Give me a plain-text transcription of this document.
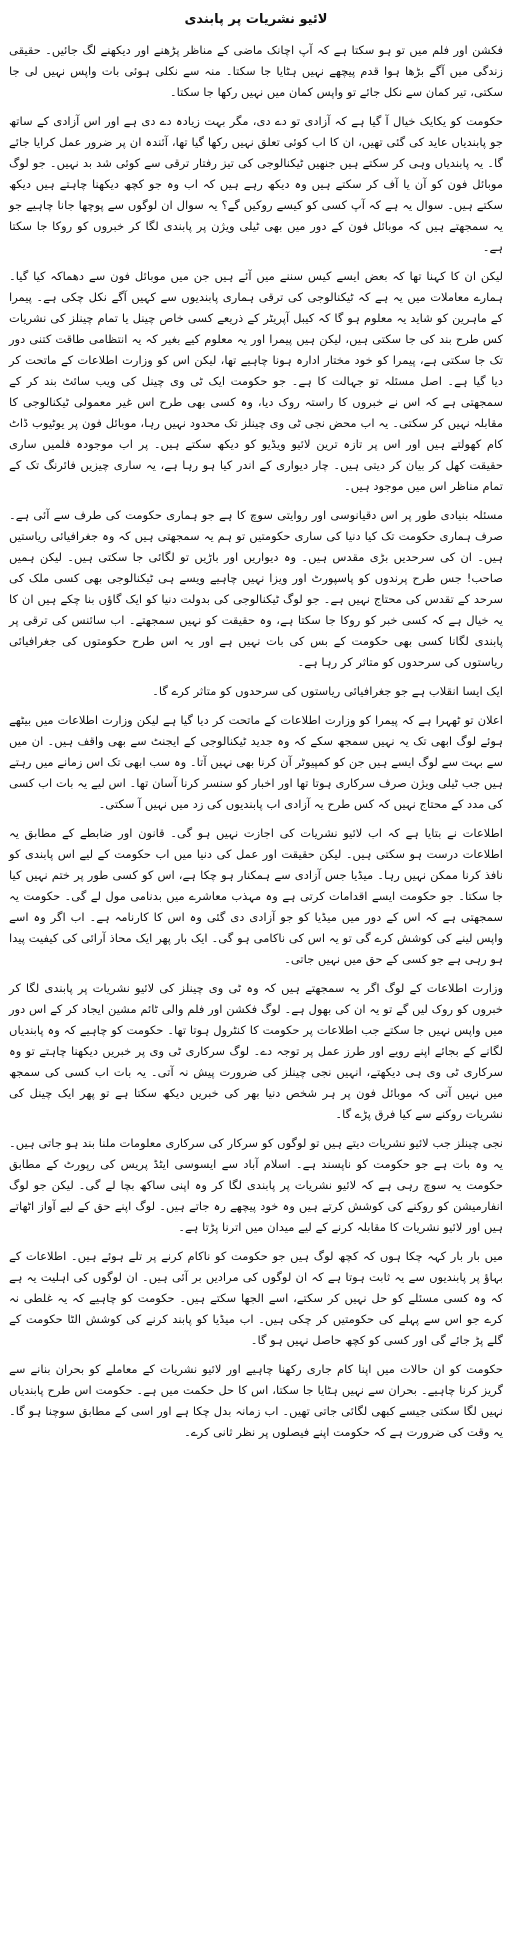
لائیو نشریات پر پابندی

فکشن اور فلم میں تو ہو سکتا ہے کہ آپ اچانک ماضی کے مناظر پڑھنے اور دیکھنے لگ جائیں۔ حقیقی زندگی میں آگے بڑھا ہوا قدم پیچھے نہیں ہٹایا جا سکتا۔ منہ سے نکلی ہوئی بات واپس نہیں لی جا سکتی، تیر کمان سے نکل جائے تو واپس کمان میں نہیں رکھا جا سکتا۔

حکومت کو یکایک خیال آ گیا ہے کہ آزادی تو دے دی، مگر بہت زیادہ دے دی ہے اور اس آزادی کے ساتھ جو پابندیاں عاید کی گئی تھیں، ان کا اب کوئی تعلق نہیں رکھا گیا تھا، آئندہ ان پر ضرور عمل کرایا جائے گا۔ یہ پابندیاں وہی کر سکتے ہیں جنھیں ٹیکنالوجی کی تیز رفتار ترقی سے کوئی شد بد نہیں۔ جو لوگ موبائل فون کو آن یا آف کر سکتے ہیں وہ دیکھ رہے ہیں کہ اب وہ جو کچھ دیکھنا چاہتے ہیں دیکھ سکتے ہیں۔ سوال یہ ہے کہ آپ کسی کو کیسے روکیں گے؟ یہ سوال ان لوگوں سے پوچھا جانا چاہیے جو یہ سمجھتے ہیں کہ موبائل فون کے دور میں بھی ٹیلی ویژن پر پابندی لگا کر خبروں کو روکا جا سکتا ہے۔

لیکن ان کا کہنا تھا کہ بعض ایسے کیس سننے میں آئے ہیں جن میں موبائل فون سے دھماکہ کیا گیا۔ ہمارے معاملات میں یہ ہے کہ ٹیکنالوجی کی ترقی ہماری پابندیوں سے کہیں آگے نکل چکی ہے۔ پیمرا کے ماہرین کو شاید یہ معلوم ہو گا کہ کیبل آپریٹر کے ذریعے کسی خاص چینل یا تمام چینلز کی نشریات کس طرح بند کی جا سکتی ہیں، لیکن ہیں پیمرا اور یہ معلوم کیے بغیر کہ یہ انتظامی طاقت کتنی دور تک جا سکتی ہے، پیمرا کو خود مختار ادارہ ہونا چاہیے تھا، لیکن اس کو وزارت اطلاعات کے ماتحت کر دیا گیا ہے۔ اصل مسئلہ تو جہالت کا ہے۔ جو حکومت ایک ٹی وی چینل کی ویب سائٹ بند کر کے سمجھتی ہے کہ اس نے خبروں کا راستہ روک دیا، وہ کسی بھی طرح اس غیر معمولی ٹیکنالوجی کا مقابلہ نہیں کر سکتی۔ یہ اب محض نجی ٹی وی چینلز تک محدود نہیں رہا، موبائل فون پر یوٹیوب ڈاٹ کام کھولتے ہیں اور اس پر تازہ ترین لائیو ویڈیو کو دیکھ سکتے ہیں۔ پر اب موجودہ فلمیں ساری حقیقت کھل کر بیان کر دیتی ہیں۔ چار دیواری کے اندر کیا ہو رہا ہے، یہ ساری چیزیں فائرنگ تک کے تمام مناظر اس میں موجود ہیں۔

مسئلہ بنیادی طور پر اس دقیانوسی اور روایتی سوچ کا ہے جو ہماری حکومت کی طرف سے آئی ہے۔ صرف ہماری حکومت تک کیا دنیا کی ساری حکومتیں تو ہم یہ سمجھتی ہیں کہ وہ جغرافیائی ریاستیں ہیں۔ ان کی سرحدیں بڑی مقدس ہیں۔ وہ دیواریں اور باڑیں تو لگائی جا سکتی ہیں۔ لیکن ہمیں صاحب! جس طرح پرندوں کو پاسپورٹ اور ویزا نہیں چاہیے ویسے ہی ٹیکنالوجی بھی کسی ملک کی سرحد کے تقدس کی محتاج نہیں ہے۔ جو لوگ ٹیکنالوجی کی بدولت دنیا کو ایک گاؤں بنا چکے ہیں ان کا یہ خیال ہے کہ کسی خبر کو روکا جا سکتا ہے، وہ حقیقت کو نہیں سمجھتے۔ اب سائنس کی ترقی پر پابندی لگانا کسی بھی حکومت کے بس کی بات نہیں ہے اور یہ اس طرح حکومتوں کی جغرافیائی ریاستوں کی سرحدوں کو متاثر کر رہا ہے۔

ایک ایسا انقلاب ہے جو جغرافیائی ریاستوں کی سرحدوں کو متاثر کرے گا۔

اعلان تو ٹھہرا ہے کہ پیمرا کو وزارت اطلاعات کے ماتحت کر دیا گیا ہے لیکن وزارت اطلاعات میں بیٹھے ہوئے لوگ ابھی تک یہ نہیں سمجھ سکے کہ وہ جدید ٹیکنالوجی کے ایجنٹ سے بھی واقف ہیں۔ ان میں سے بہت سے لوگ ایسے ہیں جن کو کمپیوٹر آن کرنا بھی نہیں آتا۔ وہ سب ابھی تک اس زمانے میں رہتے ہیں جب ٹیلی ویژن صرف سرکاری ہوتا تھا اور اخبار کو سنسر کرنا آسان تھا۔ اس لیے یہ بات اب کسی کی مدد کے محتاج نہیں کہ کس طرح یہ آزادی اب پابندیوں کی زد میں نہیں آ سکتی۔

اطلاعات نے بتایا ہے کہ اب لائیو نشریات کی اجازت نہیں ہو گی۔ قانون اور ضابطے کے مطابق یہ اطلاعات درست ہو سکتی ہیں۔ لیکن حقیقت اور عمل کی دنیا میں اب حکومت کے لیے اس پابندی کو نافذ کرنا ممکن نہیں رہا۔ میڈیا جس آزادی سے ہمکنار ہو چکا ہے، اس کو کسی طور پر ختم نہیں کیا جا سکتا۔ جو حکومت ایسے اقدامات کرتی ہے وہ مہذب معاشرے میں بدنامی مول لے گی۔ حکومت یہ سمجھتی ہے کہ اس کے دور میں میڈیا کو جو آزادی دی گئی وہ اس کا کارنامہ ہے۔ اب اگر وہ اسے واپس لینے کی کوشش کرے گی تو یہ اس کی ناکامی ہو گی۔ ایک بار پھر ایک محاذ آرائی کی کیفیت پیدا ہو رہی ہے جو کسی کے حق میں نہیں جاتی۔

وزارت اطلاعات کے لوگ اگر یہ سمجھتے ہیں کہ وہ ٹی وی چینلز کی لائیو نشریات پر پابندی لگا کر خبروں کو روک لیں گے تو یہ ان کی بھول ہے۔ لوگ فکشن اور فلم والی ٹائم مشین ایجاد کر کے اس دور میں واپس نہیں جا سکتے جب اطلاعات پر حکومت کا کنٹرول ہوتا تھا۔ حکومت کو چاہیے کہ وہ پابندیاں لگانے کے بجائے اپنے رویے اور طرز عمل پر توجہ دے۔ لوگ سرکاری ٹی وی پر خبریں دیکھنا چاہتے تو وہ سرکاری ٹی وی ہی دیکھتے، انہیں نجی چینلز کی ضرورت پیش نہ آتی۔ یہ بات اب کسی کی سمجھ میں نہیں آتی کہ موبائل فون پر ہر شخص دنیا بھر کی خبریں دیکھ سکتا ہے تو پھر ایک چینل کی نشریات روکنے سے کیا فرق پڑے گا۔

نجی چینلز جب لائیو نشریات دیتے ہیں تو لوگوں کو سرکار کی سرکاری معلومات ملنا بند ہو جاتی ہیں۔ یہ وہ بات ہے جو حکومت کو ناپسند ہے۔ اسلام آباد سے ایسوسی ایٹڈ پریس کی رپورٹ کے مطابق حکومت یہ سوچ رہی ہے کہ لائیو نشریات پر پابندی لگا کر وہ اپنی ساکھ بچا لے گی۔ لیکن جو لوگ انفارمیشن کو روکنے کی کوشش کرتے ہیں وہ خود پیچھے رہ جاتے ہیں۔ لوگ اپنے حق کے لیے آواز اٹھاتے ہیں اور لائیو نشریات کا مقابلہ کرنے کے لیے میدان میں اترنا پڑتا ہے۔

میں بار بار کہہ چکا ہوں کہ کچھ لوگ ہیں جو حکومت کو ناکام کرنے پر تلے ہوئے ہیں۔ اطلاعات کے بہاؤ پر پابندیوں سے یہ ثابت ہوتا ہے کہ ان لوگوں کی مرادیں بر آئی ہیں۔ ان لوگوں کی اہلیت یہ ہے کہ وہ کسی مسئلے کو حل نہیں کر سکتے، اسے الجھا سکتے ہیں۔ حکومت کو چاہیے کہ یہ غلطی نہ کرے جو اس سے پہلے کی حکومتیں کر چکی ہیں۔ اب میڈیا کو پابند کرنے کی کوشش الٹا حکومت کے گلے پڑ جائے گی اور کسی کو کچھ حاصل نہیں ہو گا۔

حکومت کو ان حالات میں اپنا کام جاری رکھنا چاہیے اور لائیو نشریات کے معاملے کو بحران بنانے سے گریز کرنا چاہیے۔ بحران سے نہیں ہٹایا جا سکتا، اس کا حل حکمت میں ہے۔ حکومت اس طرح پابندیاں نہیں لگا سکتی جیسے کبھی لگائی جاتی تھیں۔ اب زمانہ بدل چکا ہے اور اسی کے مطابق سوچنا ہو گا۔ یہ وقت کی ضرورت ہے کہ حکومت اپنے فیصلوں پر نظر ثانی کرے۔
